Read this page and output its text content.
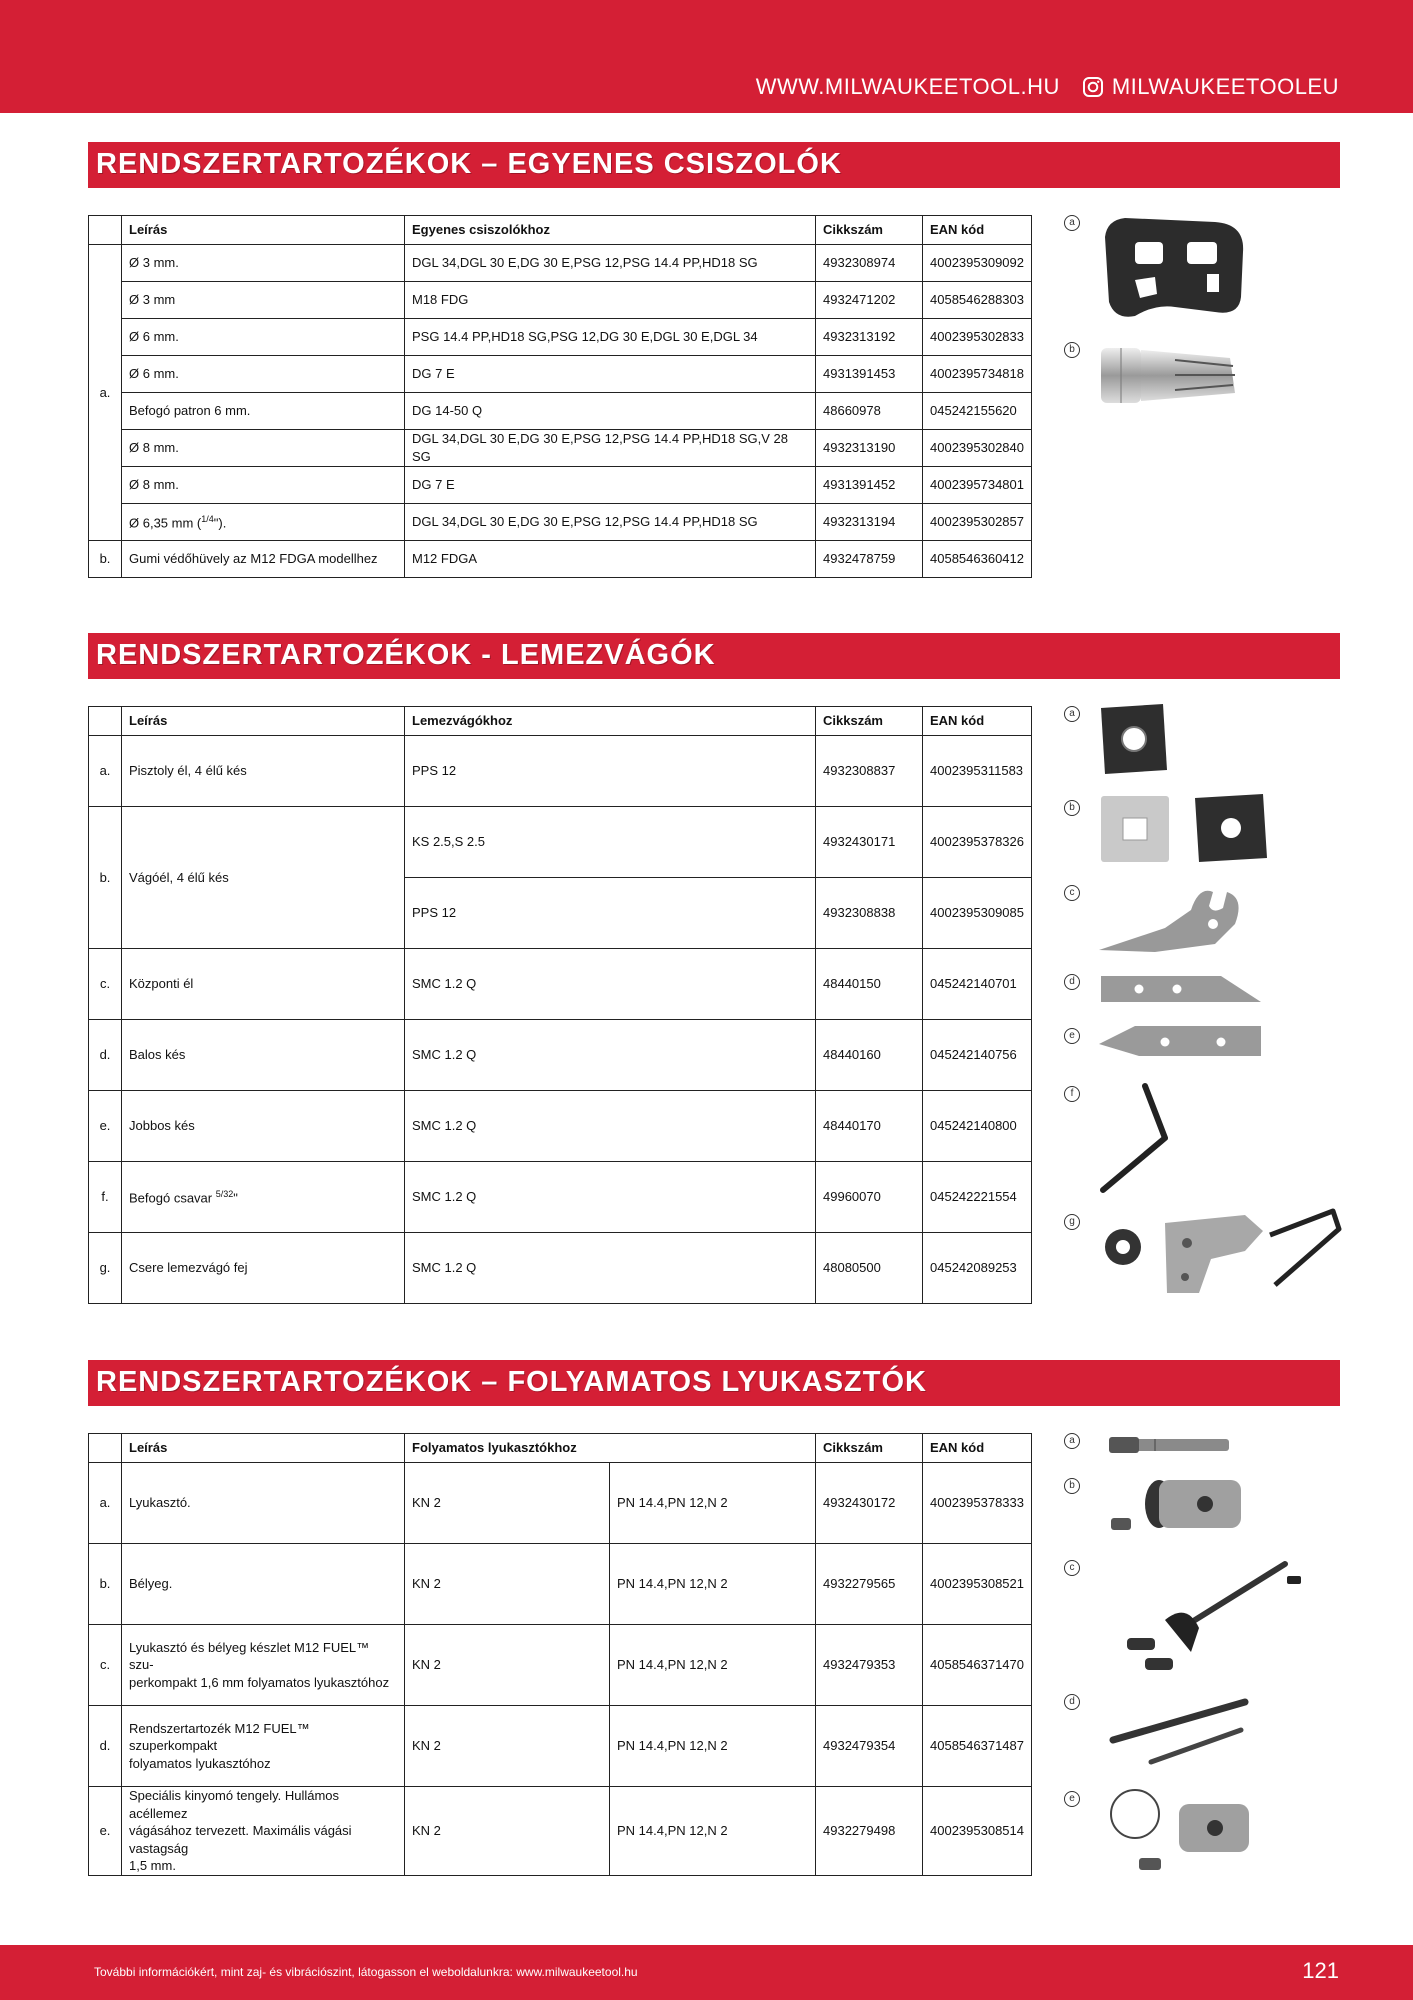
WWW.MILWAUKEETOOL.HU MILWAUKEETOOLEU
RENDSZERTARTOZÉKOK – EGYENES CSISZOLÓK
	Leírás	Egyenes csiszolókhoz	Cikkszám	EAN kód
a.	Ø 3 mm.	DGL 34,DGL 30 E,DG 30 E,PSG 12,PSG 14.4 PP,HD18 SG	4932308974	4002395309092
	Ø 3 mm	M18 FDG	4932471202	4058546288303
	Ø 6 mm.	PSG 14.4 PP,HD18 SG,PSG 12,DG 30 E,DGL 30 E,DGL 34	4932313192	4002395302833
	Ø 6 mm.	DG 7 E	4931391453	4002395734818
	Befogó patron 6 mm.	DG 14-50 Q	48660978	045242155620
	Ø 8 mm.	DGL 34,DGL 30 E,DG 30 E,PSG 12,PSG 14.4 PP,HD18 SG,V 28 SG	4932313190	4002395302840
	Ø 8 mm.	DG 7 E	4931391452	4002395734801
	Ø 6,35 mm ($^{1/4}$").	DGL 34,DGL 30 E,DG 30 E,PSG 12,PSG 14.4 PP,HD18 SG	4932313194	4002395302857
b.	Gumi védőhüvely az M12 FDGA modellhez	M12 FDGA	4932478759	4058546360412
a
b
RENDSZERTARTOZÉKOK - LEMEZVÁGÓK
	Leírás	Lemezvágókhoz	Cikkszám	EAN kód
a.	Pisztoly él, 4 élű kés	PPS 12	4932308837	4002395311583
b.	Vágóél, 4 élű kés	KS 2.5,S 2.5	4932430171	4002395378326
		PPS 12	4932308838	4002395309085
c.	Központi él	SMC 1.2 Q	48440150	045242140701
d.	Balos kés	SMC 1.2 Q	48440160	045242140756
e.	Jobbos kés	SMC 1.2 Q	48440170	045242140800
f.	Befogó csavar $^{5/32}$"	SMC 1.2 Q	49960070	045242221554
g.	Csere lemezvágó fej	SMC 1.2 Q	48080500	045242089253
a
b
c
d
e
f
g
RENDSZERTARTOZÉKOK – FOLYAMATOS LYUKASZTÓK
	Leírás	Folyamatos lyukasztókhoz		Cikkszám	EAN kód
a.	Lyukasztó.	KN 2	PN 14.4,PN 12,N 2	4932430172	4002395378333
b.	Bélyeg.	KN 2	PN 14.4,PN 12,N 2	4932279565	4002395308521
c.	Lyukasztó és bélyeg készlet M12 FUEL™ szu-
perkompakt 1,6 mm folyamatos lyukasztóhoz	KN 2	PN 14.4,PN 12,N 2	4932479353	4058546371470
d.	Rendszertartozék M12 FUEL™ szuperkompakt
folyamatos lyukasztóhoz	KN 2	PN 14.4,PN 12,N 2	4932479354	4058546371487
e.	Speciális kinyomó tengely. Hullámos acéllemez
vágásához tervezett. Maximális vágási vastagság
1,5 mm.	KN 2	PN 14.4,PN 12,N 2	4932279498	4002395308514
a
b
c
d
e
További információkért, mint zaj- és vibrációszint, látogasson el weboldalunkra: www.milwaukeetool.hu	121
